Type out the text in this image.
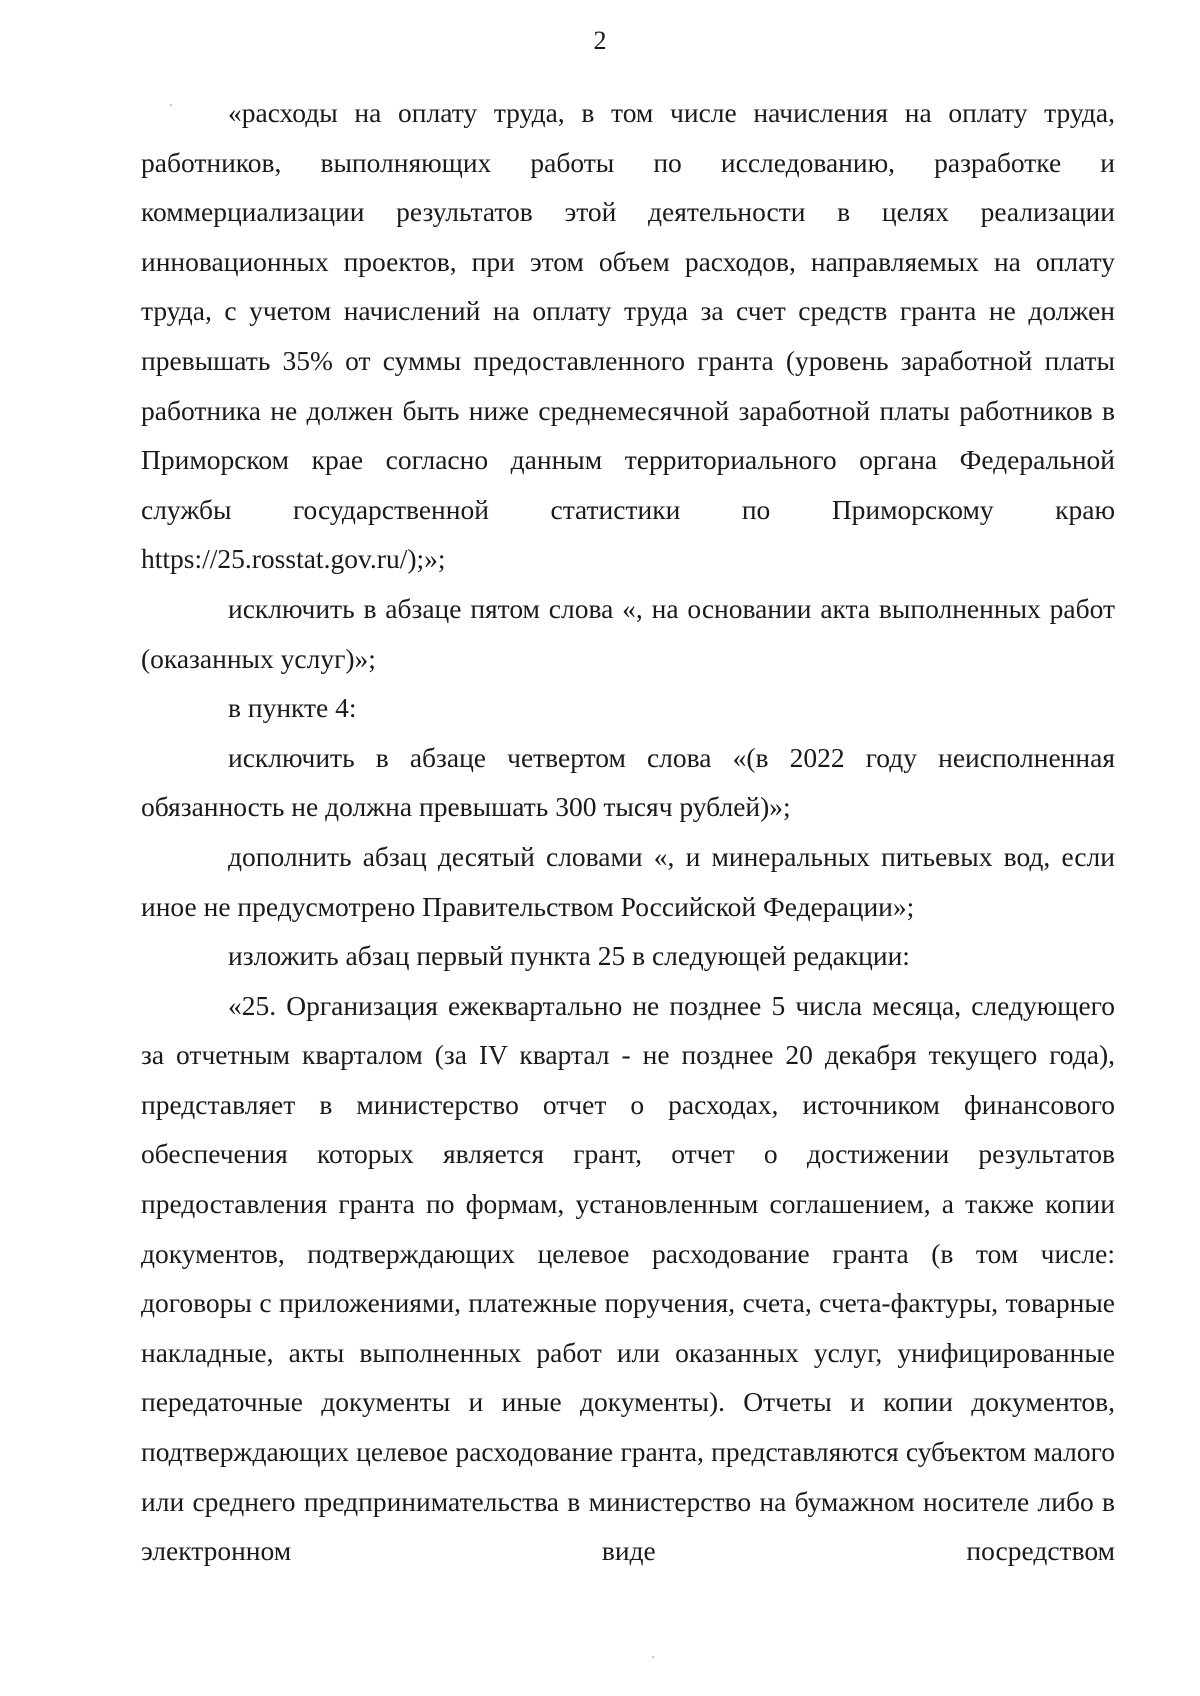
2

«расходы на оплату труда, в том числе начисления на оплату труда, работников, выполняющих работы по исследованию, разработке и коммерциализации результатов этой деятельности в целях реализации инновационных проектов, при этом объем расходов, направляемых на оплату труда, с учетом начислений на оплату труда за счет средств гранта не должен превышать 35% от суммы предоставленного гранта (уровень заработной платы работника не должен быть ниже среднемесячной заработной платы работников в Приморском крае согласно данным территориального органа Федеральной службы государственной статистики по Приморскому краю https://25.rosstat.gov.ru/);»;

исключить в абзаце пятом слова «, на основании акта выполненных работ (оказанных услуг)»;

в пункте 4:

исключить в абзаце четвертом слова «(в 2022 году неисполненная обязанность не должна превышать 300 тысяч рублей)»;

дополнить абзац десятый словами «, и минеральных питьевых вод, если иное не предусмотрено Правительством Российской Федерации»;

изложить абзац первый пункта 25 в следующей редакции:

«25. Организация ежеквартально не позднее 5 числа месяца, следующего за отчетным кварталом (за IV квартал - не позднее 20 декабря текущего года), представляет в министерство отчет о расходах, источником финансового обеспечения которых является грант, отчет о достижении результатов предоставления гранта по формам, установленным соглашением, а также копии документов, подтверждающих целевое расходование гранта (в том числе: договоры с приложениями, платежные поручения, счета, счета-фактуры, товарные накладные, акты выполненных работ или оказанных услуг, унифицированные передаточные документы и иные документы). Отчеты и копии документов, подтверждающих целевое расходование гранта, представляются субъектом малого или среднего предпринимательства в министерство на бумажном носителе либо в электронном виде посредством
